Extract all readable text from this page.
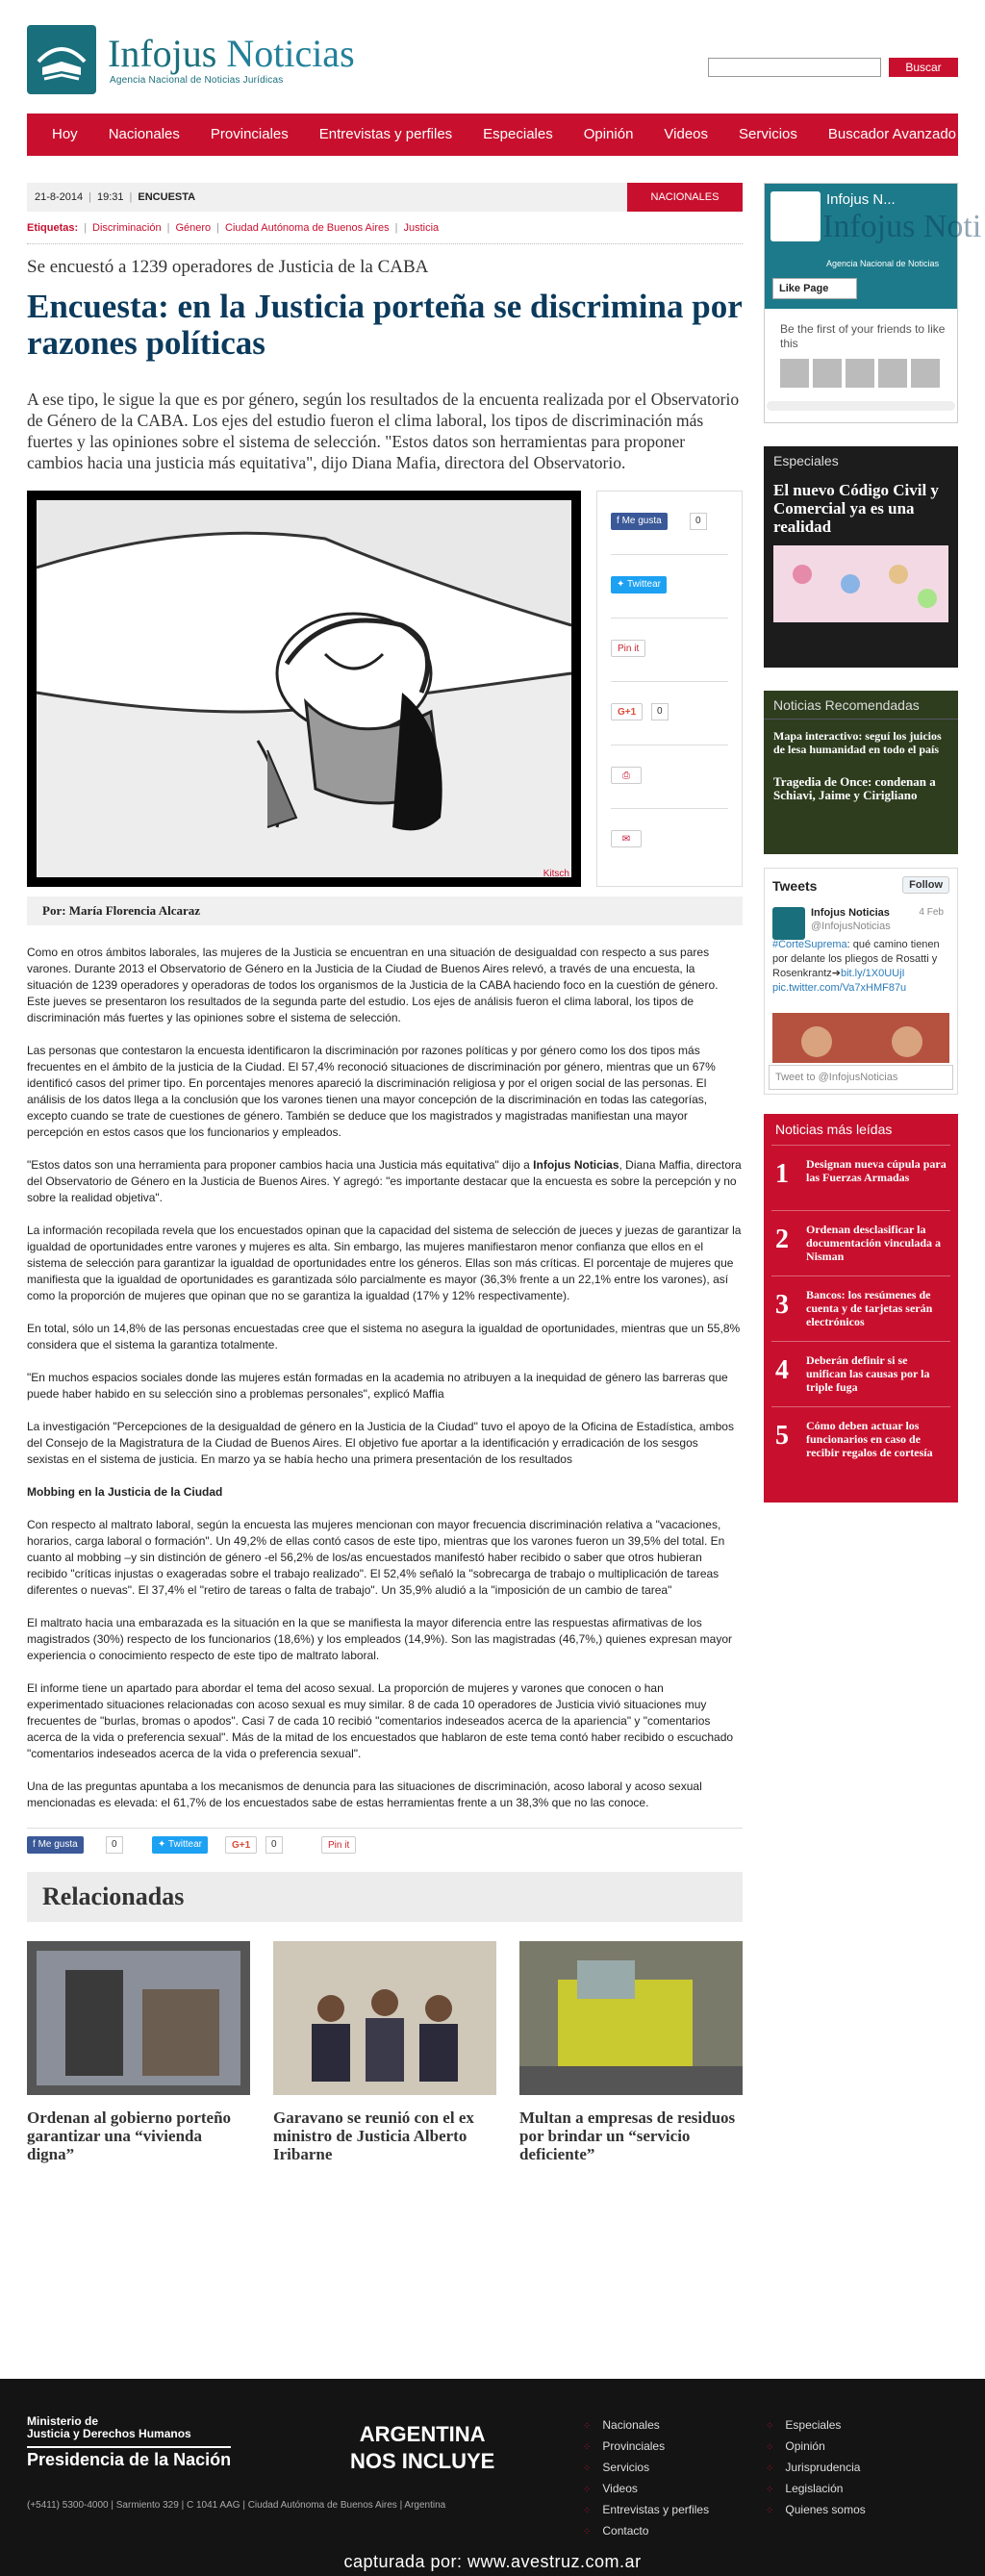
Infojus Noticias
Agencia Nacional de Noticias Jurídicas
Buscar
Hoy	Nacionales	Provinciales	Entrevistas y perfiles	Especiales	Opinión	Videos	Servicios	Buscador Avanzado
21-8-2014 | 19:31 | ENCUESTA	NACIONALES
Etiquetas: | Discriminación | Género | Ciudad Autónoma de Buenos Aires | Justicia
Se encuestó a 1239 operadores de Justicia de la CABA
Encuesta: en la Justicia porteña se discrimina por razones políticas

A ese tipo, le sigue la que es por género, según los resultados de la encuenta realizada por el Observatorio de Género de la CABA. Los ejes del estudio fueron el clima laboral, los tipos de discriminación más fuertes y las opiniones sobre el sistema de selección. "Estos datos son herramientas para proponer cambios hacia una justicia más equitativa", dijo Diana Mafia, directora del Observatorio.

Kitsch
f Me gusta	0
✦ Twittear
Pin it
G+1	0
⎙
✉
Por: María Florencia Alcaraz

Como en otros ámbitos laborales, las mujeres de la Justicia se encuentran en una situación de desigualdad con respecto a sus pares varones. Durante 2013 el Observatorio de Género en la Justicia de la Ciudad de Buenos Aires relevó, a través de una encuesta, la situación de 1239 operadores y operadoras de todos los organismos de la Justicia de la CABA haciendo foco en la cuestión de género. Este jueves se presentaron los resultados de la segunda parte del estudio. Los ejes de análisis fueron el clima laboral, los tipos de discriminación más fuertes y las opiniones sobre el sistema de selección.

Las personas que contestaron la encuesta identificaron la discriminación por razones políticas y por género como los dos tipos más frecuentes en el ámbito de la justicia de la Ciudad. El 57,4% reconoció situaciones de discriminación por género, mientras que un 67% identificó casos del primer tipo. En porcentajes menores apareció la discriminación religiosa y por el origen social de las personas. El análisis de los datos llega a la conclusión que los varones tienen una mayor concepción de la discriminación en todas las categorías, excepto cuando se trate de cuestiones de género. También se deduce que los magistrados y magistradas manifiestan una mayor percepción en estos casos que los funcionarios y empleados.

"Estos datos son una herramienta para proponer cambios hacia una Justicia más equitativa" dijo a Infojus Noticias, Diana Maffia, directora del Observatorio de Género en la Justicia de Buenos Aires. Y agregó: "es importante destacar que la encuesta es sobre la percepción y no sobre la realidad objetiva".

La información recopilada revela que los encuestados opinan que la capacidad del sistema de selección de jueces y juezas de garantizar la igualdad de oportunidades entre varones y mujeres es alta. Sin embargo, las mujeres manifiestaron menor confianza que ellos en el sistema de selección para garantizar la igualdad de oportunidades entre los géneros. Ellas son más críticas. El porcentaje de mujeres que manifiesta que la igualdad de oportunidades es garantizada sólo parcialmente es mayor (36,3% frente a un 22,1% entre los varones), así como la proporción de mujeres que opinan que no se garantiza la igualdad (17% y 12% respectivamente).

En total, sólo un 14,8% de las personas encuestadas cree que el sistema no asegura la igualdad de oportunidades, mientras que un 55,8% considera que el sistema la garantiza totalmente.

"En muchos espacios sociales donde las mujeres están formadas en la academia no atribuyen a la inequidad de género las barreras que puede haber habido en su selección sino a problemas personales", explicó Maffia

La investigación "Percepciones de la desigualdad de género en la Justicia de la Ciudad" tuvo el apoyo de la Oficina de Estadística, ambos del Consejo de la Magistratura de la Ciudad de Buenos Aires. El objetivo fue aportar a la identificación y erradicación de los sesgos sexistas en el sistema de justicia. En marzo ya se había hecho una primera presentación de los resultados

Mobbing en la Justicia de la Ciudad

Con respecto al maltrato laboral, según la encuesta las mujeres mencionan con mayor frecuencia discriminación relativa a "vacaciones, horarios, carga laboral o formación". Un 49,2% de ellas contó casos de este tipo, mientras que los varones fueron un 39,5% del total. En cuanto al mobbing –y sin distinción de género -el 56,2% de los/as encuestados manifestó haber recibido o saber que otros hubieran recibido "críticas injustas o exageradas sobre el trabajo realizado". El 52,4% señaló la "sobrecarga de trabajo o multiplicación de tareas diferentes o nuevas". El 37,4% el "retiro de tareas o falta de trabajo". Un 35,9% aludió a la "imposición de un cambio de tarea"

El maltrato hacia una embarazada es la situación en la que se manifiesta la mayor diferencia entre las respuestas afirmativas de los magistrados (30%) respecto de los funcionarios (18,6%) y los empleados (14,9%). Son las magistradas (46,7%,) quienes expresan mayor experiencia o conocimiento respecto de este tipo de maltrato laboral.

El informe tiene un apartado para abordar el tema del acoso sexual. La proporción de mujeres y varones que conocen o han experimentado situaciones relacionadas con acoso sexual es muy similar. 8 de cada 10 operadores de Justicia vivió situaciones muy frecuentes de "burlas, bromas o apodos". Casi 7 de cada 10 recibió "comentarios indeseados acerca de la apariencia" y "comentarios acerca de la vida o preferencia sexual". Más de la mitad de los encuestados que hablaron de este tema contó haber recibido o escuchado "comentarios indeseados acerca de la vida o preferencia sexual".

Una de las preguntas apuntaba a los mecanismos de denuncia para las situaciones de discriminación, acoso laboral y acoso sexual mencionadas es elevada: el 61,7% de los encuestados sabe de estas herramientas frente a un 38,3% que no las conoce.

f Me gusta	0	✦ Twittear	G+1	0	Pin it
Relacionadas
Ordenan al gobierno porteño garantizar una “vivienda digna”
Garavano se reunió con el ex ministro de Justicia Alberto Iribarne
Multan a empresas de residuos por brindar un “servicio deficiente”
Infojus N...
Infojus Noti
Agencia Nacional de Noticias
Like Page
Be the first of your friends to like this
Especiales
El nuevo Código Civil y Comercial ya es una realidad
Noticias Recomendadas
Mapa interactivo: seguí los juicios de lesa humanidad en todo el país
Tragedia de Once: condenan a Schiavi, Jaime y Cirigliano
Tweets	Follow
Infojus Noticias
@InfojusNoticias
4 Feb
#CorteSuprema: qué camino tienen por delante los pliegos de Rosatti y Rosenkrantz➔bit.ly/1X0UUjI pic.twitter.com/Va7xHMF87u
Tweet to @InfojusNoticias
Noticias más leídas
1 Designan nueva cúpula para las Fuerzas Armadas
2 Ordenan desclasificar la documentación vinculada a Nisman
3 Bancos: los resúmenes de cuenta y de tarjetas serán electrónicos
4 Deberán definir si se unifican las causas por la triple fuga
5 Cómo deben actuar los funcionarios en caso de recibir regalos de cortesía
Ministerio de
Justicia y Derechos Humanos
Presidencia de la Nación
(+5411) 5300-4000 | Sarmiento 329 | C 1041 AAG | Ciudad Autónoma de Buenos Aires | Argentina
ARGENTINA
NOS INCLUYE
⁘ Nacionales
⁘ Provinciales
⁘ Servicios
⁘ Videos
⁘ Entrevistas y perfiles
⁘ Contacto
⁘ Especiales
⁘ Opinión
⁘ Jurisprudencia
⁘ Legislación
⁘ Quienes somos
capturada por: www.avestruz.com.ar
